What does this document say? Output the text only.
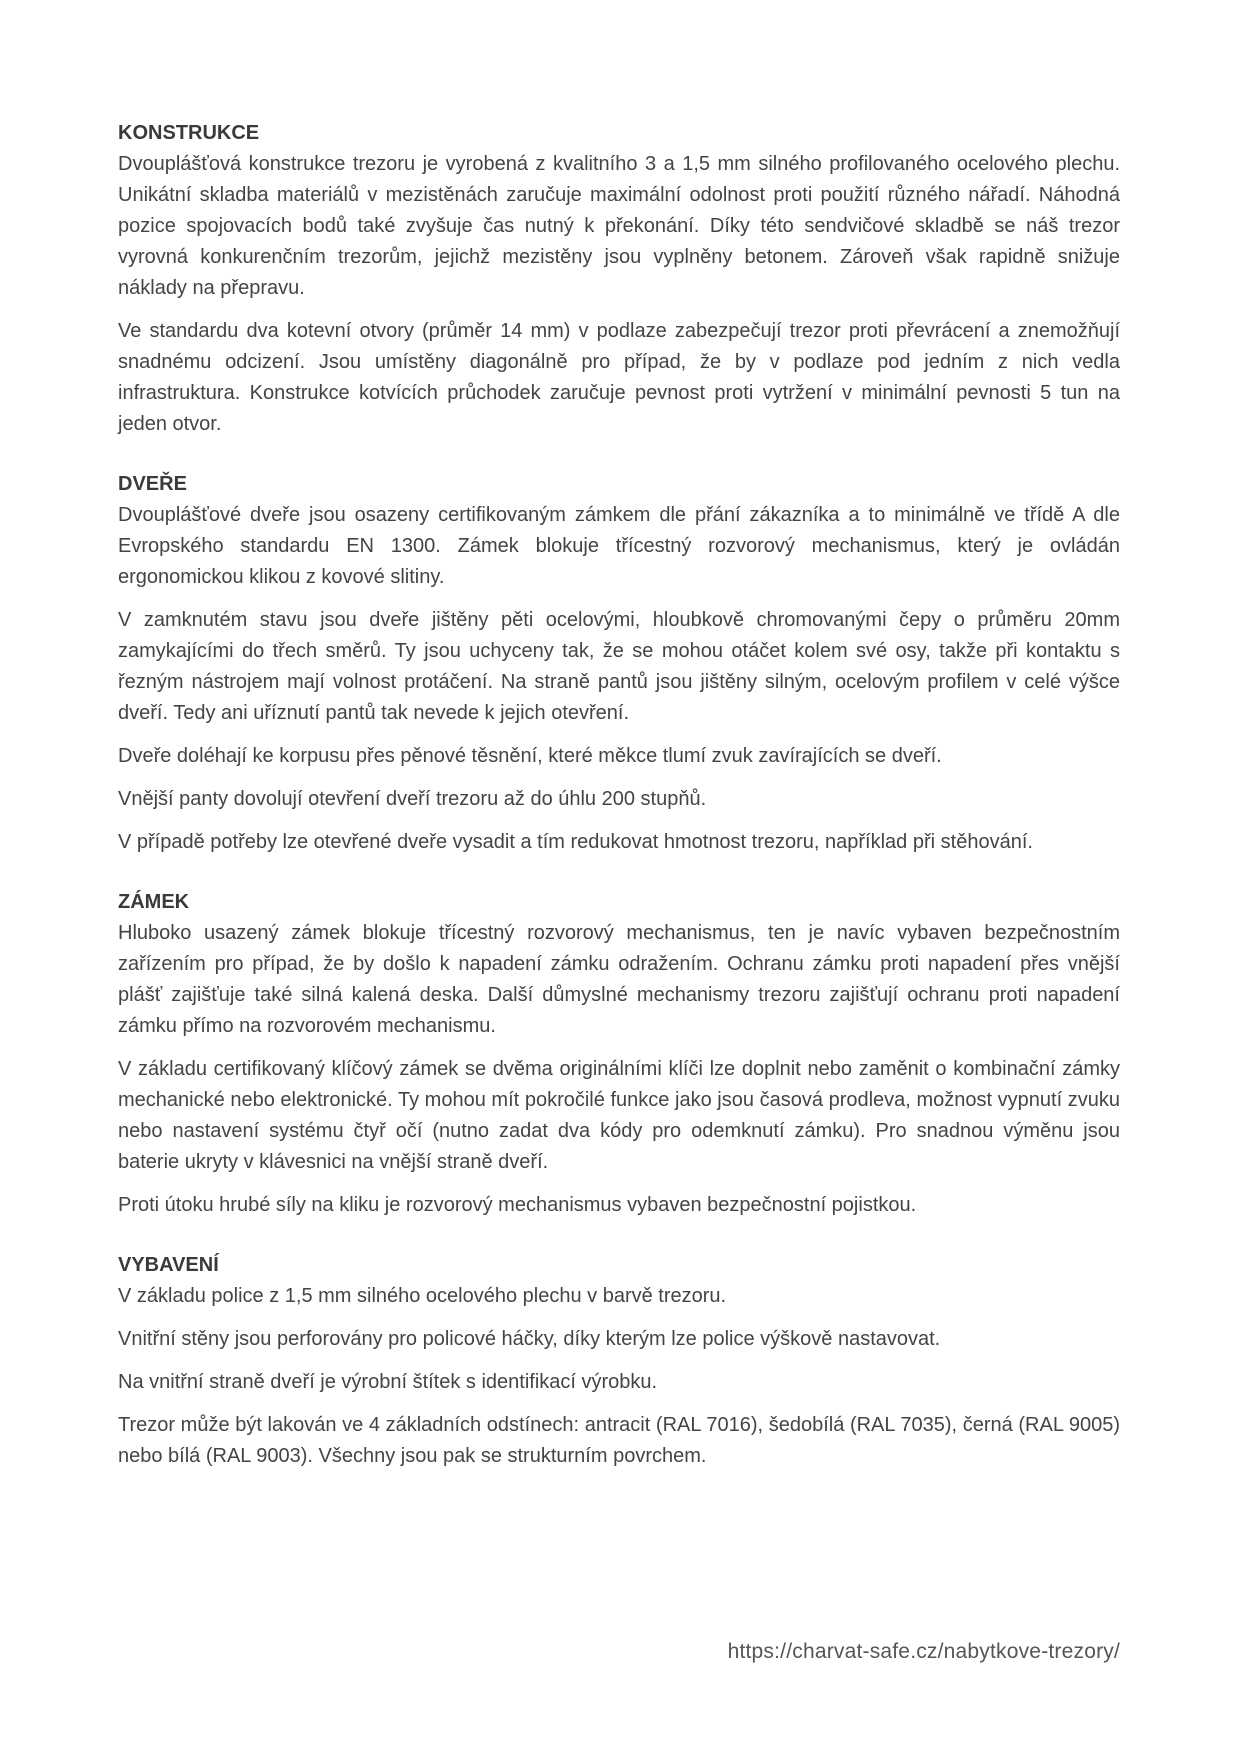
KONSTRUKCE

Dvouplášťová konstrukce trezoru je vyrobená z kvalitního 3 a 1,5 mm silného profilovaného ocelového plechu. Unikátní skladba materiálů v mezistěnách zaručuje maximální odolnost proti použití různého nářadí. Náhodná pozice spojovacích bodů také zvyšuje čas nutný k překonání. Díky této sendvičové skladbě se náš trezor vyrovná konkurenčním trezorům, jejichž mezistěny jsou vyplněny betonem. Zároveň však rapidně snižuje náklady na přepravu.

Ve standardu dva kotevní otvory (průměr 14 mm) v podlaze zabezpečují trezor proti převrácení a znemožňují snadnému odcizení. Jsou umístěny diagonálně pro případ, že by v podlaze pod jedním z nich vedla infrastruktura. Konstrukce kotvících průchodek zaručuje pevnost proti vytržení v minimální pevnosti 5 tun na jeden otvor.

DVEŘE

Dvouplášťové dveře jsou osazeny certifikovaným zámkem dle přání zákazníka a to minimálně ve třídě A dle Evropského standardu EN 1300. Zámek blokuje třícestný rozvorový mechanismus, který je ovládán ergonomickou klikou z kovové slitiny.

V zamknutém stavu jsou dveře jištěny pěti ocelovými, hloubkově chromovanými čepy o průměru 20mm zamykajícími do třech směrů. Ty jsou uchyceny tak, že se mohou otáčet kolem své osy, takže při kontaktu s řezným nástrojem mají volnost protáčení. Na straně pantů jsou jištěny silným, ocelovým profilem v celé výšce dveří. Tedy ani uříznutí pantů tak nevede k jejich otevření.

Dveře doléhají ke korpusu přes pěnové těsnění, které měkce tlumí zvuk zavírajících se dveří.

Vnější panty dovolují otevření dveří trezoru až do úhlu 200 stupňů.

V případě potřeby lze otevřené dveře vysadit a tím redukovat hmotnost trezoru, například při stěhování.

ZÁMEK

Hluboko usazený zámek blokuje třícestný rozvorový mechanismus, ten je navíc vybaven bezpečnostním zařízením pro případ, že by došlo k napadení zámku odražením. Ochranu zámku proti napadení přes vnější plášť zajišťuje také silná kalená deska. Další důmyslné mechanismy trezoru zajišťují ochranu proti napadení zámku přímo na rozvorovém mechanismu.

V základu certifikovaný klíčový zámek se dvěma originálními klíči lze doplnit nebo zaměnit o kombinační zámky mechanické nebo elektronické. Ty mohou mít pokročilé funkce jako jsou časová prodleva, možnost vypnutí zvuku nebo nastavení systému čtyř očí (nutno zadat dva kódy pro odemknutí zámku). Pro snadnou výměnu jsou baterie ukryty v klávesnici na vnější straně dveří.

Proti útoku hrubé síly na kliku je rozvorový mechanismus vybaven bezpečnostní pojistkou.

VYBAVENÍ

V základu police z 1,5 mm silného ocelového plechu v barvě trezoru.

Vnitřní stěny jsou perforovány pro policové háčky, díky kterým lze police výškově nastavovat.

Na vnitřní straně dveří je výrobní štítek s identifikací výrobku.

Trezor může být lakován ve 4 základních odstínech: antracit (RAL 7016), šedobílá (RAL 7035), černá (RAL 9005) nebo bílá (RAL 9003). Všechny jsou pak se strukturním povrchem.

https://charvat-safe.cz/nabytkove-trezory/
